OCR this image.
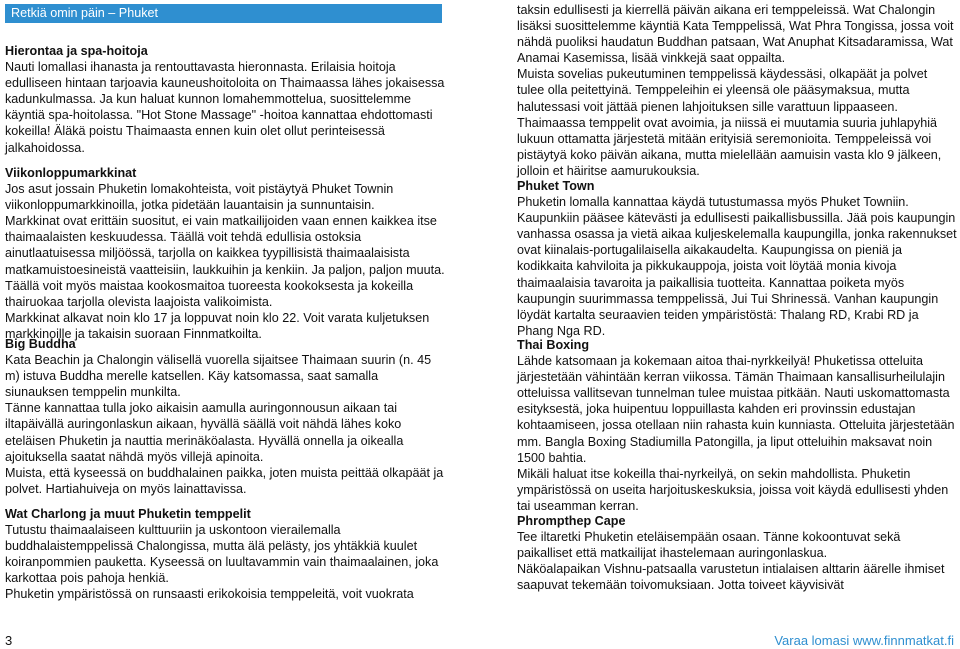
Retkiä omin päin – Phuket
Hierontaa ja spa-hoitoja

Nauti lomallasi ihanasta ja rentouttavasta hieronnasta. Erilaisia hoitoja edulliseen hintaan tarjoavia kauneushoitoloita on Thaimaassa lähes jokaisessa kadunkulmassa. Ja kun haluat kunnon lomahemmottelua, suosittelemme käyntiä spa-hoitolassa. "Hot Stone Massage" -hoitoa kannattaa ehdottomasti kokeilla! Äläkä poistu Thaimaasta ennen kuin olet ollut perinteisessä jalkahoidossa.

Viikonloppumarkkinat

Jos asut jossain Phuketin lomakohteista, voit pistäytyä Phuket Townin viikonloppumarkkinoilla, jotka pidetään lauantaisin ja sunnuntaisin.

Markkinat ovat erittäin suositut, ei vain matkailijoiden vaan ennen kaikkea itse thaimaalaisten keskuudessa. Täällä voit tehdä edullisia ostoksia ainutlaatuisessa miljöössä, tarjolla on kaikkea tyypillisistä thaimaalaisista matkamuistoesineistä vaatteisiin, laukkuihin ja kenkiin. Ja paljon, paljon muuta. Täällä voit myös maistaa kookosmaitoa tuoreesta kookoksesta ja kokeilla thairuokaa tarjolla olevista laajoista valikoimista.

Markkinat alkavat noin klo 17 ja loppuvat noin klo 22. Voit varata kuljetuksen markkinoille ja takaisin suoraan Finnmatkoilta.

Big Buddha

Kata Beachin ja Chalongin välisellä vuorella sijaitsee Thaimaan suurin (n. 45 m) istuva Buddha merelle katsellen. Käy katsomassa, saat samalla siunauksen temppelin munkilta.

Tänne kannattaa tulla joko aikaisin aamulla auringonnousun aikaan tai iltapäivällä auringonlaskun aikaan, hyvällä säällä voit nähdä lähes koko eteläisen Phuketin ja nauttia merinäköalasta. Hyvällä onnella ja oikealla ajoituksella saatat nähdä myös villejä apinoita.

Muista, että kyseessä on buddhalainen paikka, joten muista peittää olkapäät ja polvet. Hartiahuiveja on myös lainattavissa.

Wat Charlong ja muut Phuketin temppelit

Tutustu thaimaalaiseen kulttuuriin ja uskontoon vierailemalla buddhalaistemppelissä Chalongissa, mutta älä pelästy, jos yhtäkkiä kuulet koiranpommien pauketta. Kyseessä on luultavammin vain thaimaalainen, joka karkottaa pois pahoja henkiä.
Phuketin ympäristössä on runsaasti erikokoisia temppeleitä, voit vuokrata

taksin edullisesti ja kierrellä päivän aikana eri temppeleissä. Wat Chalongin lisäksi suosittelemme käyntiä Kata Temppelissä, Wat Phra Tongissa, jossa voit nähdä puoliksi haudatun Buddhan patsaan, Wat Anuphat Kitsadaramissa, Wat Anamai Kasemissa, lisää vinkkejä saat oppailta.
Muista sovelias pukeutuminen temppelissä käydessäsi, olkapäät ja polvet tulee olla peitettyinä. Temppeleihin ei yleensä ole pääsymaksua, mutta halutessasi voit jättää pienen lahjoituksen sille varattuun lippaaseen.
Thaimaassa temppelit ovat avoimia, ja niissä ei muutamia suuria juhlapyhiä lukuun ottamatta järjestetä mitään erityisiä seremonioita. Temppeleissä voi pistäytyä koko päivän aikana, mutta mielellään aamuisin vasta klo 9 jälkeen, jolloin et häiritse aamurukouksia.

Phuket Town

Phuketin lomalla kannattaa käydä tutustumassa myös Phuket Towniin. Kaupunkiin pääsee kätevästi ja edullisesti paikallisbussilla. Jää pois kaupungin vanhassa osassa ja vietä aikaa kuljeskelemalla kaupungilla, jonka rakennukset ovat kiinalais-portugalilaisella aikakaudelta. Kaupungissa on pieniä ja kodikkaita kahviloita ja pikkukauppoja, joista voit löytää monia kivoja thaimaalaisia tavaroita ja paikallisia tuotteita. Kannattaa poiketa myös kaupungin suurimmassa temppelissä, Jui Tui Shrinessä. Vanhan kaupungin löydät kartalta seuraavien teiden ympäristöstä: Thalang RD, Krabi RD ja Phang Nga RD.

Thai Boxing

Lähde katsomaan ja kokemaan aitoa thai-nyrkkeilyä! Phuketissa otteluita järjestetään vähintään kerran viikossa. Tämän Thaimaan kansallisurheilulajin otteluissa vallitsevan tunnelman tulee muistaa pitkään. Nauti uskomattomasta esityksestä, joka huipentuu loppuillasta kahden eri provinssin edustajan kohtaamiseen, jossa otellaan niin rahasta kuin kunniasta. Otteluita järjestetään mm. Bangla Boxing Stadiumilla Patongilla, ja liput otteluihin maksavat noin 1500 bahtia.
Mikäli haluat itse kokeilla thai-nyrkeilyä, on sekin mahdollista. Phuketin ympäristössä on useita harjoituskeskuksia, joissa voit käydä edullisesti yhden tai useamman kerran.

Phrompthep Cape

Tee iltaretki Phuketin eteläisempään osaan. Tänne kokoontuvat sekä paikalliset että matkailijat ihastelemaan auringonlaskua.
Näköalapaikan Vishnu-patsaalla varustetun intialaisen alttarin äärelle ihmiset saapuvat tekemään toivomuksiaan. Jotta toiveet käyvisivät

3	Varaa lomasi www.finnmatkat.fi
